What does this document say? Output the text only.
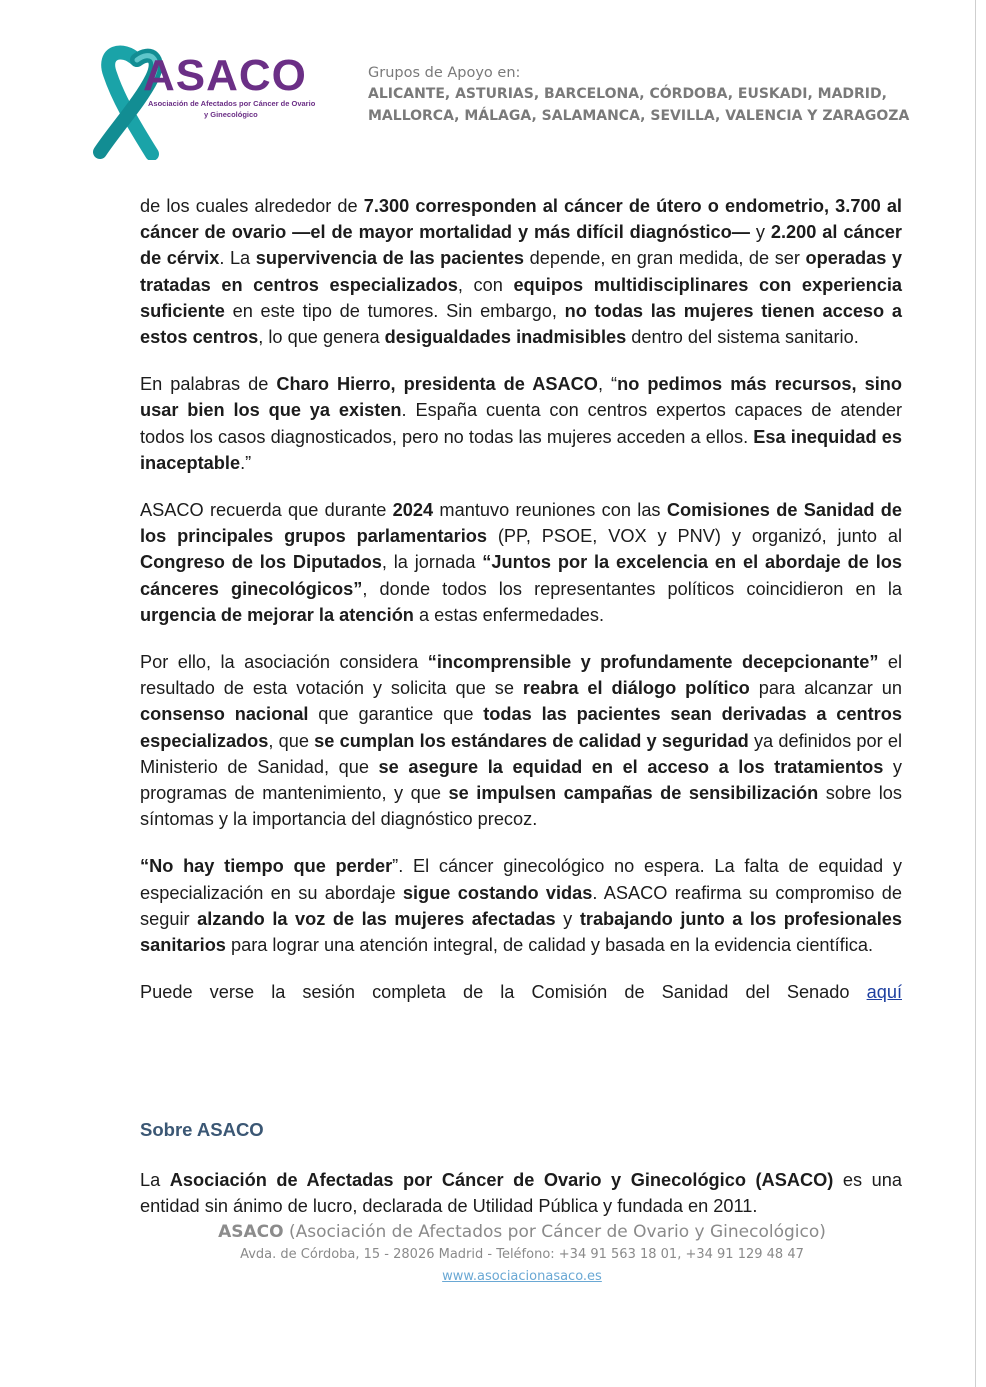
ASACO
Asociación de Afectados por Cáncer de Ovario
y Ginecológico
Grupos de Apoyo en:
ALICANTE, ASTURIAS, BARCELONA, CÓRDOBA, EUSKADI, MADRID,
MALLORCA, MÁLAGA, SALAMANCA, SEVILLA, VALENCIA Y ZARAGOZA

de los cuales alrededor de 7.300 corresponden al cáncer de útero o endometrio, 3.700 al cáncer de ovario —el de mayor mortalidad y más difícil diagnóstico— y 2.200 al cáncer de cérvix. La supervivencia de las pacientes depende, en gran medida, de ser operadas y tratadas en centros especializados, con equipos multidisciplinares con experiencia suficiente en este tipo de tumores. Sin embargo, no todas las mujeres tienen acceso a estos centros, lo que genera desigualdades inadmisibles dentro del sistema sanitario.

En palabras de Charo Hierro, presidenta de ASACO, “no pedimos más recursos, sino usar bien los que ya existen. España cuenta con centros expertos capaces de atender todos los casos diagnosticados, pero no todas las mujeres acceden a ellos. Esa inequidad es inaceptable.”

ASACO recuerda que durante 2024 mantuvo reuniones con las Comisiones de Sanidad de los principales grupos parlamentarios (PP, PSOE, VOX y PNV) y organizó, junto al Congreso de los Diputados, la jornada “Juntos por la excelencia en el abordaje de los cánceres ginecológicos”, donde todos los representantes políticos coincidieron en la urgencia de mejorar la atención a estas enfermedades.

Por ello, la asociación considera “incomprensible y profundamente decepcionante” el resultado de esta votación y solicita que se reabra el diálogo político para alcanzar un consenso nacional que garantice que todas las pacientes sean derivadas a centros especializados, que se cumplan los estándares de calidad y seguridad ya definidos por el Ministerio de Sanidad, que se asegure la equidad en el acceso a los tratamientos y programas de mantenimiento, y que se impulsen campañas de sensibilización sobre los síntomas y la importancia del diagnóstico precoz.

“No hay tiempo que perder”. El cáncer ginecológico no espera. La falta de equidad y especialización en su abordaje sigue costando vidas. ASACO reafirma su compromiso de seguir alzando la voz de las mujeres afectadas y trabajando junto a los profesionales sanitarios para lograr una atención integral, de calidad y basada en la evidencia científica.

Puede verse la sesión completa de la Comisión de Sanidad del Senado aquí

Sobre ASACO

La Asociación de Afectadas por Cáncer de Ovario y Ginecológico (ASACO) es una entidad sin ánimo de lucro, declarada de Utilidad Pública y fundada en 2011.

ASACO (Asociación de Afectados por Cáncer de Ovario y Ginecológico)
Avda. de Córdoba, 15 - 28026 Madrid - Teléfono: +34 91 563 18 01, +34 91 129 48 47
www.asociacionasaco.es
